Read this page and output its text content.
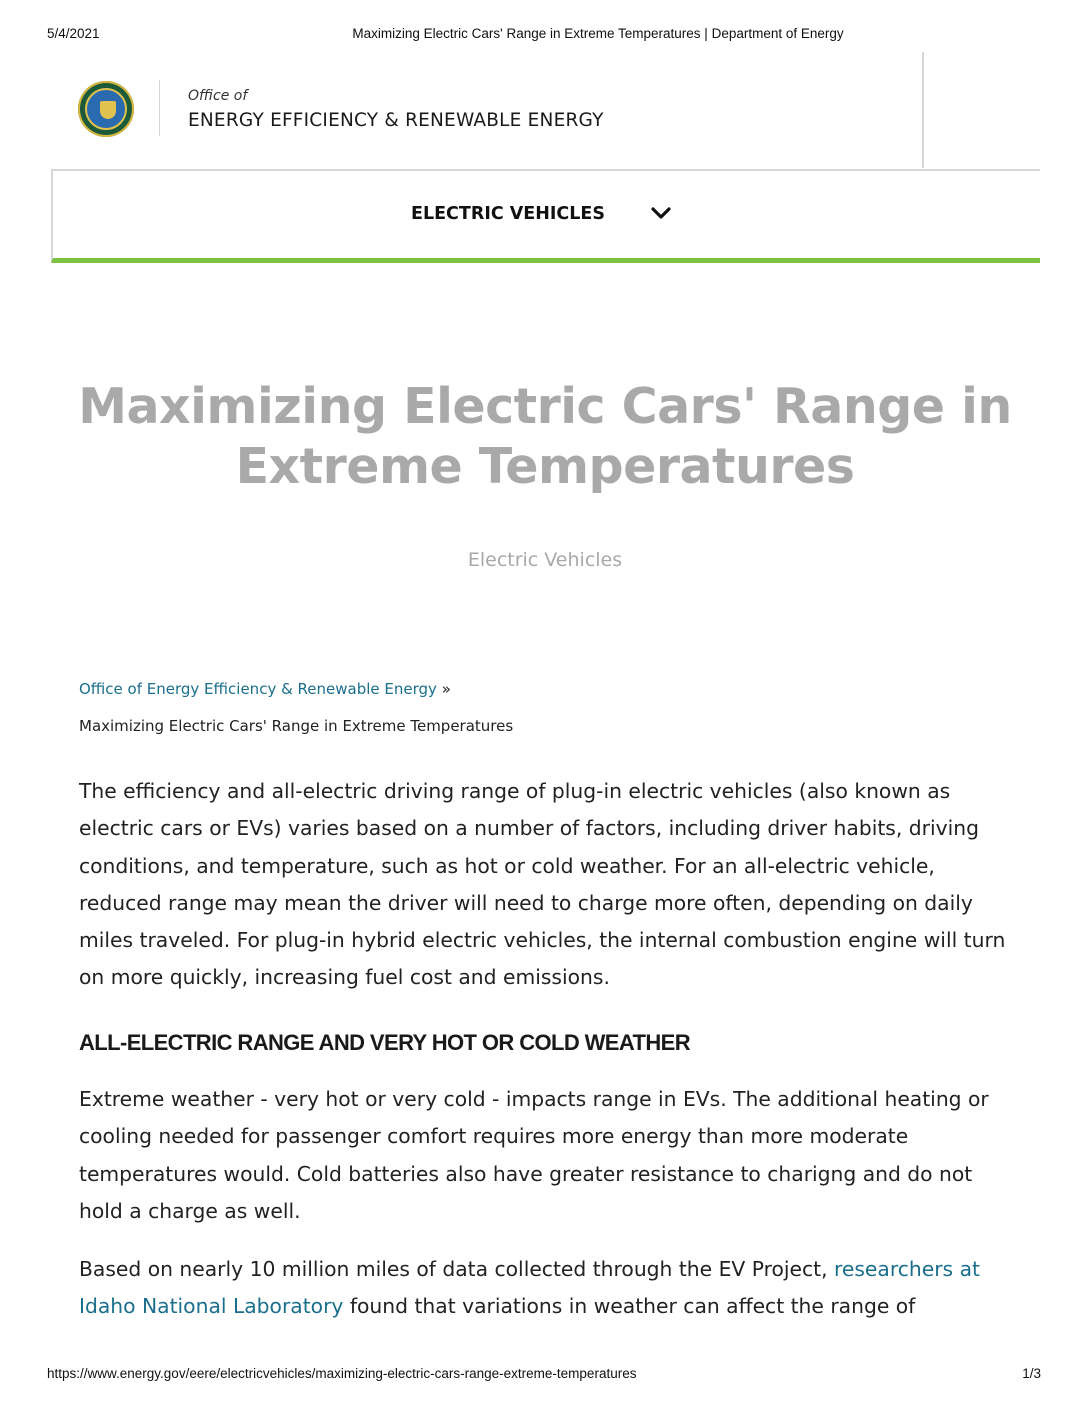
5/4/2021	Maximizing Electric Cars' Range in Extreme Temperatures | Department of Energy
Office of
ENERGY EFFICIENCY & RENEWABLE ENERGY
ELECTRIC VEHICLES
Maximizing Electric Cars' Range in
Extreme Temperatures
Electric Vehicles
Office of Energy Efficiency & Renewable Energy »
Maximizing Electric Cars' Range in Extreme Temperatures

The efficiency and all-electric driving range of plug-in electric vehicles (also known as electric cars or EVs) varies based on a number of factors, including driver habits, driving conditions, and temperature, such as hot or cold weather. For an all-electric vehicle, reduced range may mean the driver will need to charge more often, depending on daily miles traveled. For plug-in hybrid electric vehicles, the internal combustion engine will turn on more quickly, increasing fuel cost and emissions.

ALL-ELECTRIC RANGE AND VERY HOT OR COLD WEATHER

Extreme weather - very hot or very cold - impacts range in EVs. The additional heating or cooling needed for passenger comfort requires more energy than more moderate temperatures would. Cold batteries also have greater resistance to charigng and do not hold a charge as well.

Based on nearly 10 million miles of data collected through the EV Project, researchers at Idaho National Laboratory found that variations in weather can affect the range of

https://www.energy.gov/eere/electricvehicles/maximizing-electric-cars-range-extreme-temperatures	1/3
